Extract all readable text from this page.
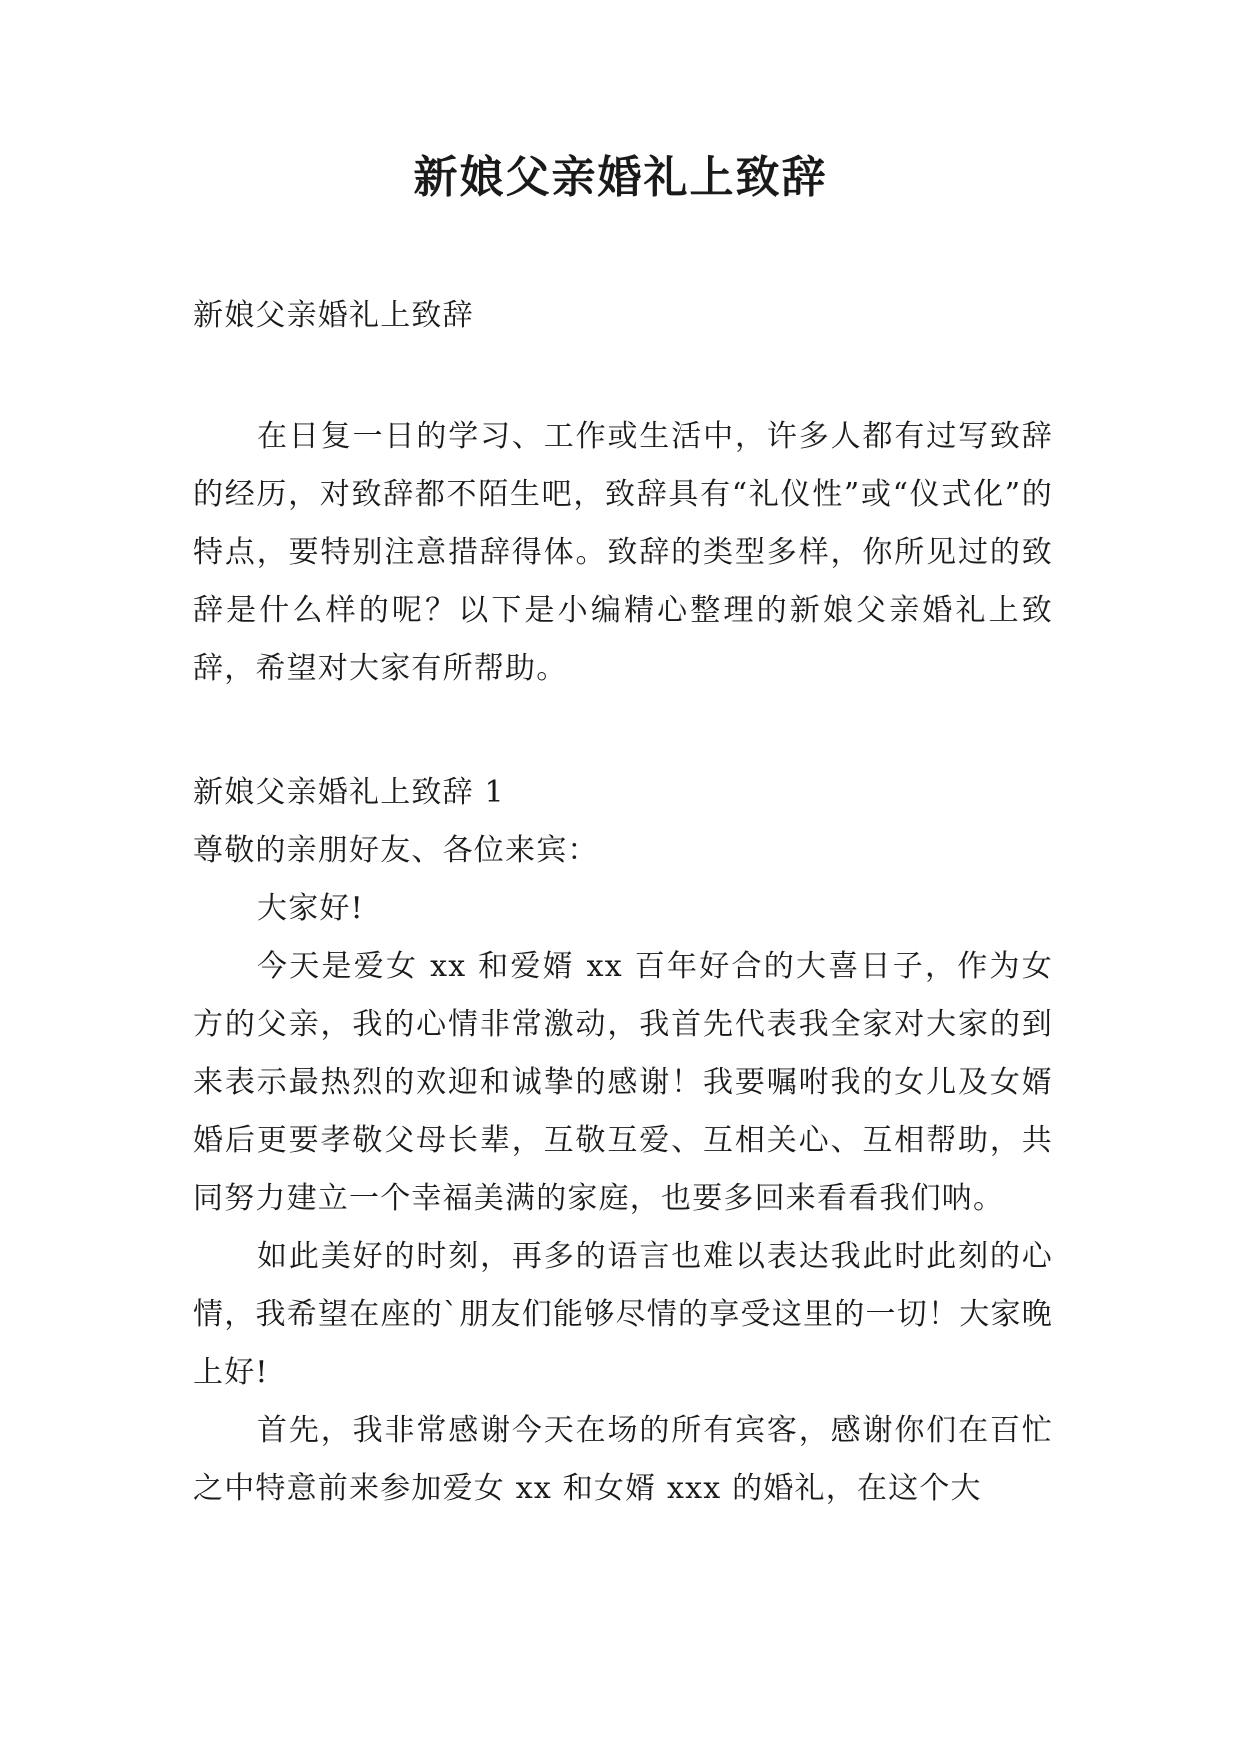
新娘父亲婚礼上致辞
新娘父亲婚礼上致辞
在日复一日的学习、工作或生活中，许多人都有过写致辞的经历，对致辞都不陌生吧，致辞具有“礼仪性”或“仪式化”的特点，要特别注意措辞得体。致辞的类型多样，你所见过的致辞是什么样的呢？以下是小编精心整理的新娘父亲婚礼上致辞，希望对大家有所帮助。

新娘父亲婚礼上致辞 1

尊敬的亲朋好友、各位来宾：

大家好!

今天是爱女 xx 和爱婿 xx 百年好合的大喜日子，作为女方的父亲，我的心情非常激动，我首先代表我全家对大家的到来表示最热烈的欢迎和诚挚的感谢！我要嘱咐我的女儿及女婿婚后更要孝敬父母长辈，互敬互爱、互相关心、互相帮助，共同努力建立一个幸福美满的家庭，也要多回来看看我们呐。

如此美好的时刻，再多的语言也难以表达我此时此刻的心情，我希望在座的`朋友们能够尽情的享受这里的一切！大家晚上好!

首先，我非常感谢今天在场的所有宾客，感谢你们在百忙之中特意前来参加爱女 xx 和女婿 xxx 的婚礼，在这个大
